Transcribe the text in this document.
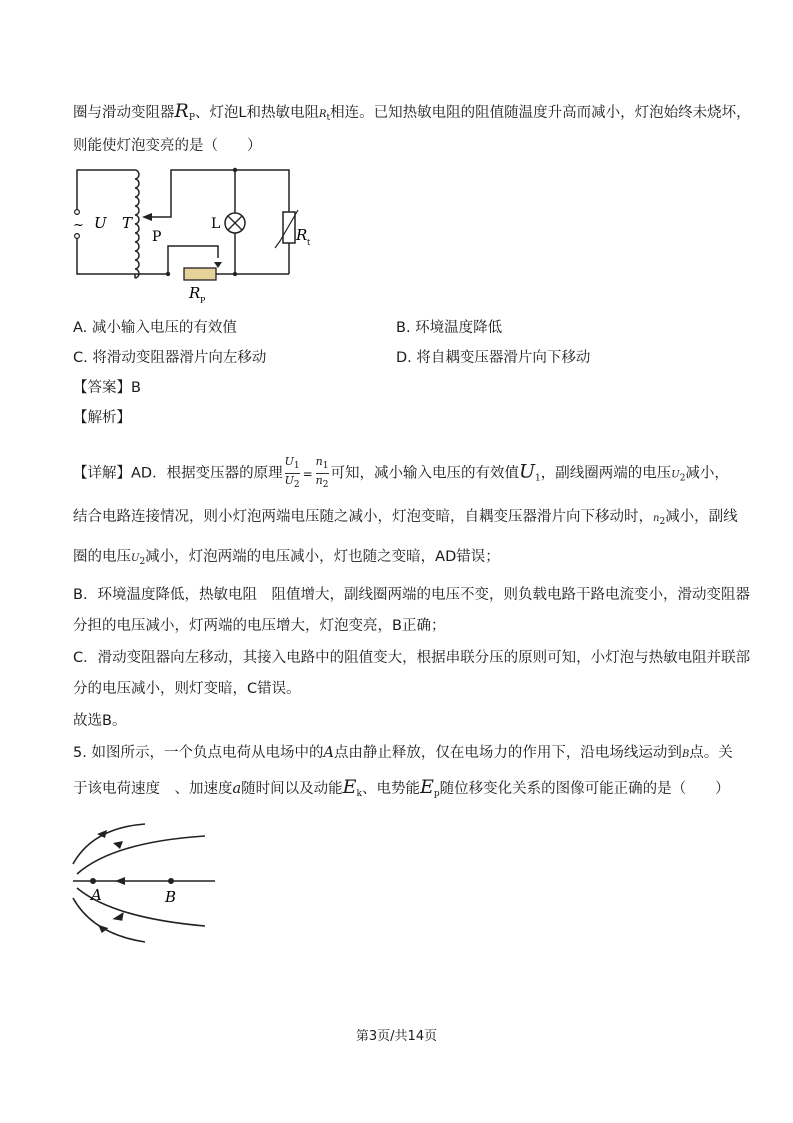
圈与滑动变阻器$R_P$、灯泡L和热敏电阻$R_t$相连。已知热敏电阻的阻值随温度升高而减小，灯泡始终未烧坏，
则能使灯泡变亮的是（　　）
~ U T
P
L
R t
R P
A. 减小输入电压的有效值	B. 环境温度降低
C. 将滑动变阻器滑片向左移动	D. 将自耦变压器滑片向下移动
【答案】B
【解析】
【详解】AD．根据变压器的原理 $\frac{U_1}{U_2} = \frac{n_1}{n_2}$ 可知，减小输入电压的有效值$U_1$，副线圈两端的电压$U_2$减小，
结合电路连接情况，则小灯泡两端电压随之减小，灯泡变暗，自耦变压器滑片向下移动时，$n_2$减小，副线
圈的电压$U_2$减小，灯泡两端的电压减小，灯也随之变暗，AD错误；
B．环境温度降低，热敏电阻　阻值增大，副线圈两端的电压不变，则负载电路干路电流变小，滑动变阻器
分担的电压减小，灯两端的电压增大，灯泡变亮，B正确；
C．滑动变阻器向左移动，其接入电路中的阻值变大，根据串联分压的原则可知，小灯泡与热敏电阻并联部
分的电压减小，则灯变暗，C错误。
故选B。
5. 如图所示，一个负点电荷从电场中的A点由静止释放，仅在电场力的作用下，沿电场线运动到B点。关
于该电荷速度　、加速度a随时间以及动能$E_k$、电势能$E_p$随位移变化关系的图像可能正确的是（　　）
A	B
第3页/共14页
